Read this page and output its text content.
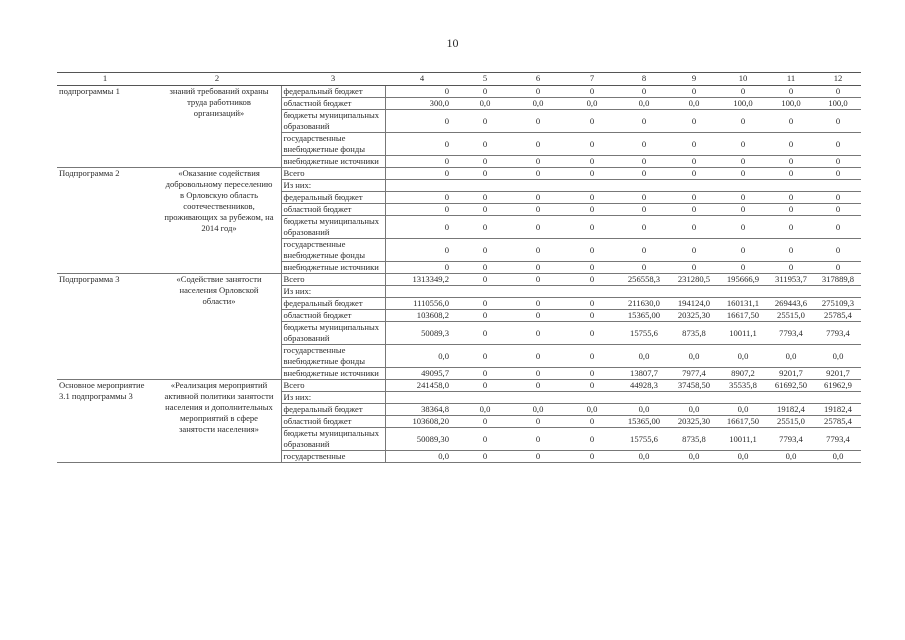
10
1	2	3	4	5	6	7	8	9	10	11	12

подпрограммы 1	знаний требований охраны труда работников организаций»	федеральный бюджет	0	0	0	0	0	0	0	0	0
		областной бюджет	300,0	0,0	0,0	0,0	0,0	0,0	100,0	100,0	100,0
		бюджеты муниципальных образований	0	0	0	0	0	0	0	0	0
		государственные внебюджетные фонды	0	0	0	0	0	0	0	0	0
		внебюджетные источники	0	0	0	0	0	0	0	0	0

Подпрограмма 2	«Оказание содействия добровольному переселению в Орловскую область соотечественников, проживающих за рубежом, на 2014 год»	Всего	0	0	0	0	0	0	0	0	0
		Из них:									
		федеральный бюджет	0	0	0	0	0	0	0	0	0
		областной бюджет	0	0	0	0	0	0	0	0	0
		бюджеты муниципальных образований	0	0	0	0	0	0	0	0	0
		государственные внебюджетные фонды	0	0	0	0	0	0	0	0	0
		внебюджетные источники	0	0	0	0	0	0	0	0	0

Подпрограмма 3	«Содействие занятости населения Орловской области»	Всего	1313349,2	0	0	0	256558,3	231280,5	195666,9	311953,7	317889,8
		Из них:									
		федеральный бюджет	1110556,0	0	0	0	211630,0	194124,0	160131,1	269443,6	275109,3
		областной бюджет	103608,2	0	0	0	15365,00	20325,30	16617,50	25515,0	25785,4
		бюджеты муниципальных образований	50089,3	0	0	0	15755,6	8735,8	10011,1	7793,4	7793,4
		государственные внебюджетные фонды	0,0	0	0	0	0,0	0,0	0,0	0,0	0,0
		внебюджетные источники	49095,7	0	0	0	13807,7	7977,4	8907,2	9201,7	9201,7

Основное мероприятие 3.1 подпрограммы 3	«Реализация мероприятий активной политики занятости населения и дополнительных мероприятий в сфере занятости населения»	Всего	241458,0	0	0	0	44928,3	37458,50	35535,8	61692,50	61962,9
		Из них:									
		федеральный бюджет	38364,8	0,0	0,0	0,0	0,0	0,0	0,0	19182,4	19182,4
		областной бюджет	103608,20	0	0	0	15365,00	20325,30	16617,50	25515,0	25785,4
		бюджеты муниципальных образований	50089,30	0	0	0	15755,6	8735,8	10011,1	7793,4	7793,4
		государственные	0,0	0	0	0	0,0	0,0	0,0	0,0	0,0
